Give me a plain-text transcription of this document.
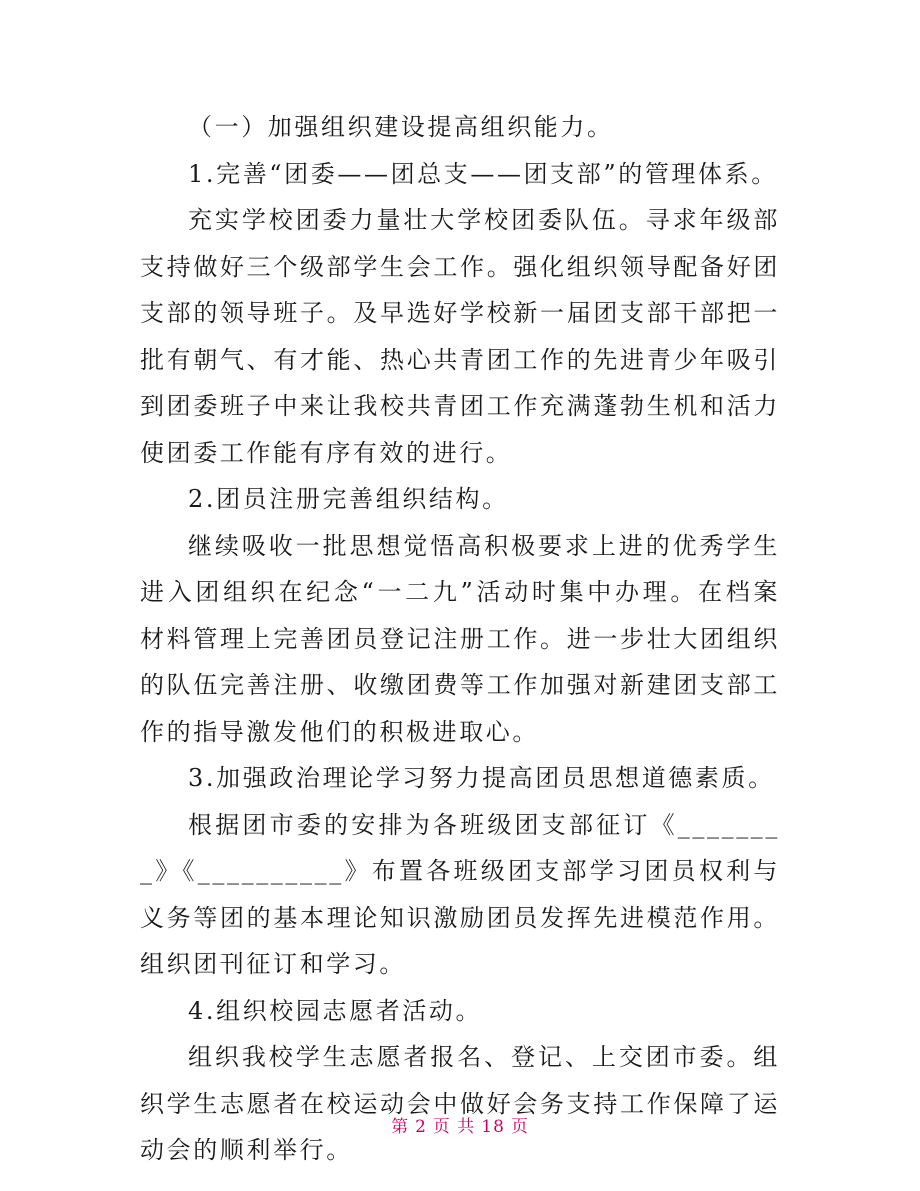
（一）加强组织建设提高组织能力。

1.完善“团委——团总支——团支部”的管理体系。

充实学校团委力量壮大学校团委队伍。寻求年级部支持做好三个级部学生会工作。强化组织领导配备好团支部的领导班子。及早选好学校新一届团支部干部把一批有朝气、有才能、热心共青团工作的先进青少年吸引到团委班子中来让我校共青团工作充满蓬勃生机和活力使团委工作能有序有效的进行。

2.团员注册完善组织结构。

继续吸收一批思想觉悟高积极要求上进的优秀学生进入团组织在纪念“一二九”活动时集中办理。在档案材料管理上完善团员登记注册工作。进一步壮大团组织的队伍完善注册、收缴团费等工作加强对新建团支部工作的指导激发他们的积极进取心。

3.加强政治理论学习努力提高团员思想道德素质。

根据团市委的安排为各班级团支部征订《________》《__________》布置各班级团支部学习团员权利与义务等团的基本理论知识激励团员发挥先进模范作用。组织团刊征订和学习。

4.组织校园志愿者活动。

组织我校学生志愿者报名、登记、上交团市委。组织学生志愿者在校运动会中做好会务支持工作保障了运动会的顺利举行。

第 2 页 共 18 页
